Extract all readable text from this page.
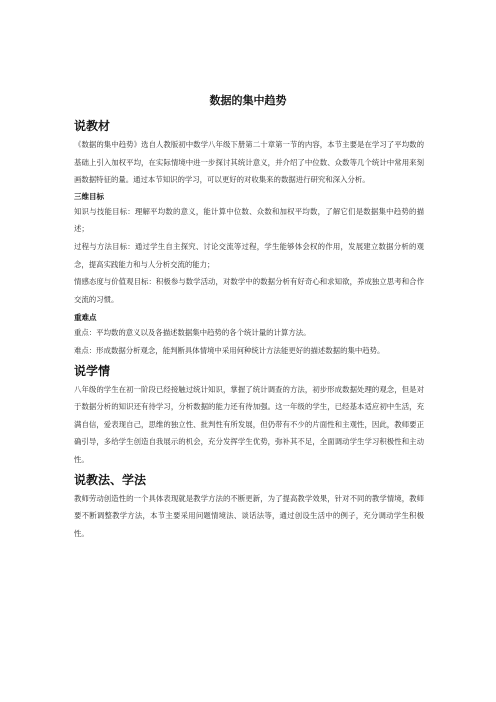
数据的集中趋势
说教材

《数据的集中趋势》选自人教版初中数学八年级下册第二十章第一节的内容，本节主要是在学习了平均数的基础上引入加权平均，在实际情境中进一步探讨其统计意义，并介绍了中位数、众数等几个统计中常用来刻画数据特征的量。通过本节知识的学习，可以更好的对收集来的数据进行研究和深入分析。

三维目标

知识与技能目标：理解平均数的意义，能计算中位数、众数和加权平均数，了解它们是数据集中趋势的描述；

过程与方法目标：通过学生自主探究、讨论交流等过程，学生能够体会权的作用，发展建立数据分析的观念，提高实践能力和与人分析交流的能力；

情感态度与价值观目标：积极参与数学活动，对数学中的数据分析有好奇心和求知欲，养成独立思考和合作交流的习惯。

重难点

重点：平均数的意义以及各描述数据集中趋势的各个统计量的计算方法。

难点：形成数据分析观念，能判断具体情境中采用何种统计方法能更好的描述数据的集中趋势。

说学情

八年级的学生在初一阶段已经接触过统计知识，掌握了统计调查的方法，初步形成数据处理的观念，但是对于数据分析的知识还有待学习，分析数据的能力还有待加强。这一年级的学生，已经基本适应初中生活，充满自信，爱表现自己，思维的独立性、批判性有所发展，但仍带有不少的片面性和主观性，因此，教师要正确引导，多给学生创造自我展示的机会，充分发挥学生优势，弥补其不足，全面调动学生学习积极性和主动性。

说教法、学法

教师劳动创造性的一个具体表现就是教学方法的不断更新，为了提高教学效果，针对不同的教学情境，教师要不断调整教学方法，本节主要采用问题情境法、谈话法等，通过创设生活中的例子，充分调动学生积极性。
